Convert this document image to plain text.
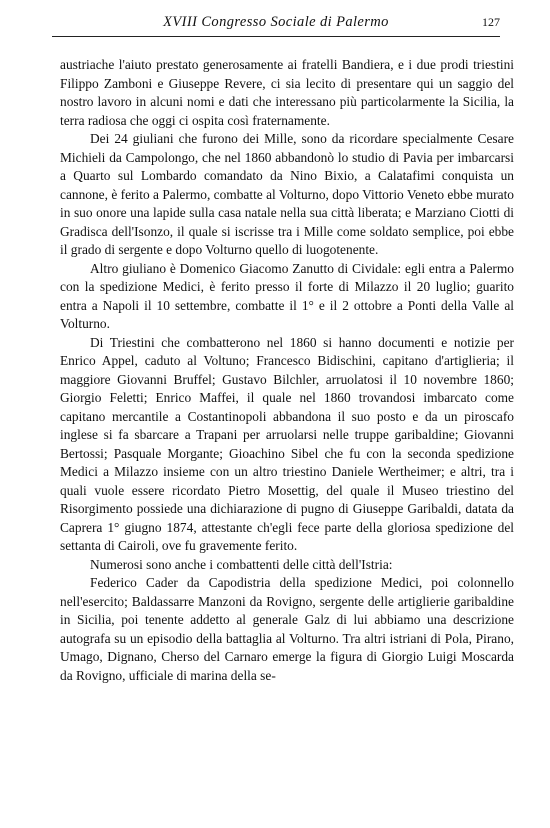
XVIII Congresso Sociale di Palermo	127

austriache l'aiuto prestato generosamente ai fratelli Bandiera, e i due prodi triestini Filippo Zamboni e Giuseppe Revere, ci sia lecito di presentare qui un saggio del nostro lavoro in alcuni nomi e dati che interessano più particolarmente la Sicilia, la terra radiosa che oggi ci ospita così fraternamente.

Dei 24 giuliani che furono dei Mille, sono da ricordare specialmente Cesare Michieli da Campolongo, che nel 1860 abbandonò lo studio di Pavia per imbarcarsi a Quarto sul Lombardo comandato da Nino Bixio, a Calatafimi conquista un cannone, è ferito a Palermo, combatte al Volturno, dopo Vittorio Veneto ebbe murato in suo onore una lapide sulla casa natale nella sua città liberata; e Marziano Ciotti di Gradisca dell'Isonzo, il quale si iscrisse tra i Mille come soldato semplice, poi ebbe il grado di sergente e dopo Volturno quello di luogotenente.

Altro giuliano è Domenico Giacomo Zanutto di Cividale: egli entra a Palermo con la spedizione Medici, è ferito presso il forte di Milazzo il 20 luglio; guarito entra a Napoli il 10 settembre, combatte il 1° e il 2 ottobre a Ponti della Valle al Volturno.

Di Triestini che combatterono nel 1860 si hanno documenti e notizie per Enrico Appel, caduto al Voltuno; Francesco Bidischini, capitano d'artiglieria; il maggiore Giovanni Bruffel; Gustavo Bilchler, arruolatosi il 10 novembre 1860; Giorgio Feletti; Enrico Maffei, il quale nel 1860 trovandosi imbarcato come capitano mercantile a Costantinopoli abbandona il suo posto e da un piroscafo inglese si fa sbarcare a Trapani per arruolarsi nelle truppe garibaldine; Giovanni Bertossi; Pasquale Morgante; Gioachino Sibel che fu con la seconda spedizione Medici a Milazzo insieme con un altro triestino Daniele Wertheimer; e altri, tra i quali vuole essere ricordato Pietro Mosettig, del quale il Museo triestino del Risorgimento possiede una dichiarazione di pugno di Giuseppe Garibaldi, datata da Caprera 1° giugno 1874, attestante ch'egli fece parte della gloriosa spedizione del settanta di Cairoli, ove fu gravemente ferito.

Numerosi sono anche i combattenti delle città dell'Istria:

Federico Cader da Capodistria della spedizione Medici, poi colonnello nell'esercito; Baldassarre Manzoni da Rovigno, sergente delle artiglierie garibaldine in Sicilia, poi tenente addetto al generale Galz di lui abbiamo una descrizione autografa su un episodio della battaglia al Volturno. Tra altri istriani di Pola, Pirano, Umago, Dignano, Cherso del Carnaro emerge la figura di Giorgio Luigi Moscarda da Rovigno, ufficiale di marina della se-
